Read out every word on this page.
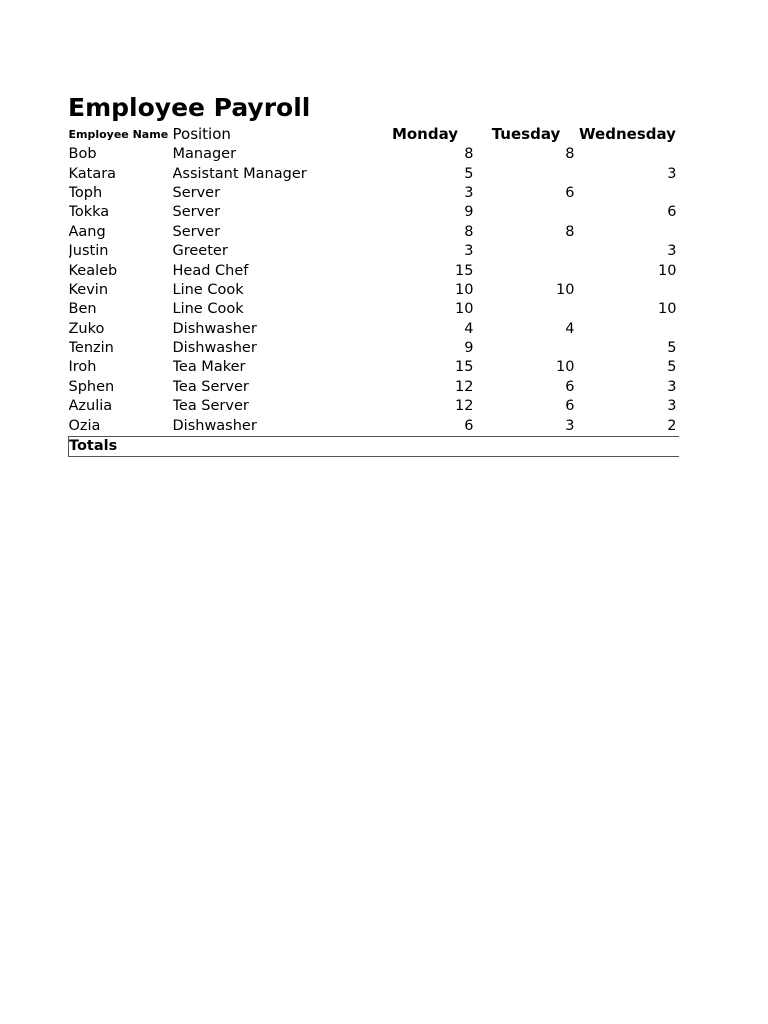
Employee Payroll
Employee Name	Position	Monday	Tuesday	Wednesday
Bob	Manager	8	8	
Katara	Assistant Manager	5		3
Toph	Server	3	6	
Tokka	Server	9		6
Aang	Server	8	8	
Justin	Greeter	3		3
Kealeb	Head Chef	15		10
Kevin	Line Cook	10	10	
Ben	Line Cook	10		10
Zuko	Dishwasher	4	4	
Tenzin	Dishwasher	9		5
Iroh	Tea Maker	15	10	5
Sphen	Tea Server	12	6	3
Azulia	Tea Server	12	6	3
Ozia	Dishwasher	6	3	2
Totals				
